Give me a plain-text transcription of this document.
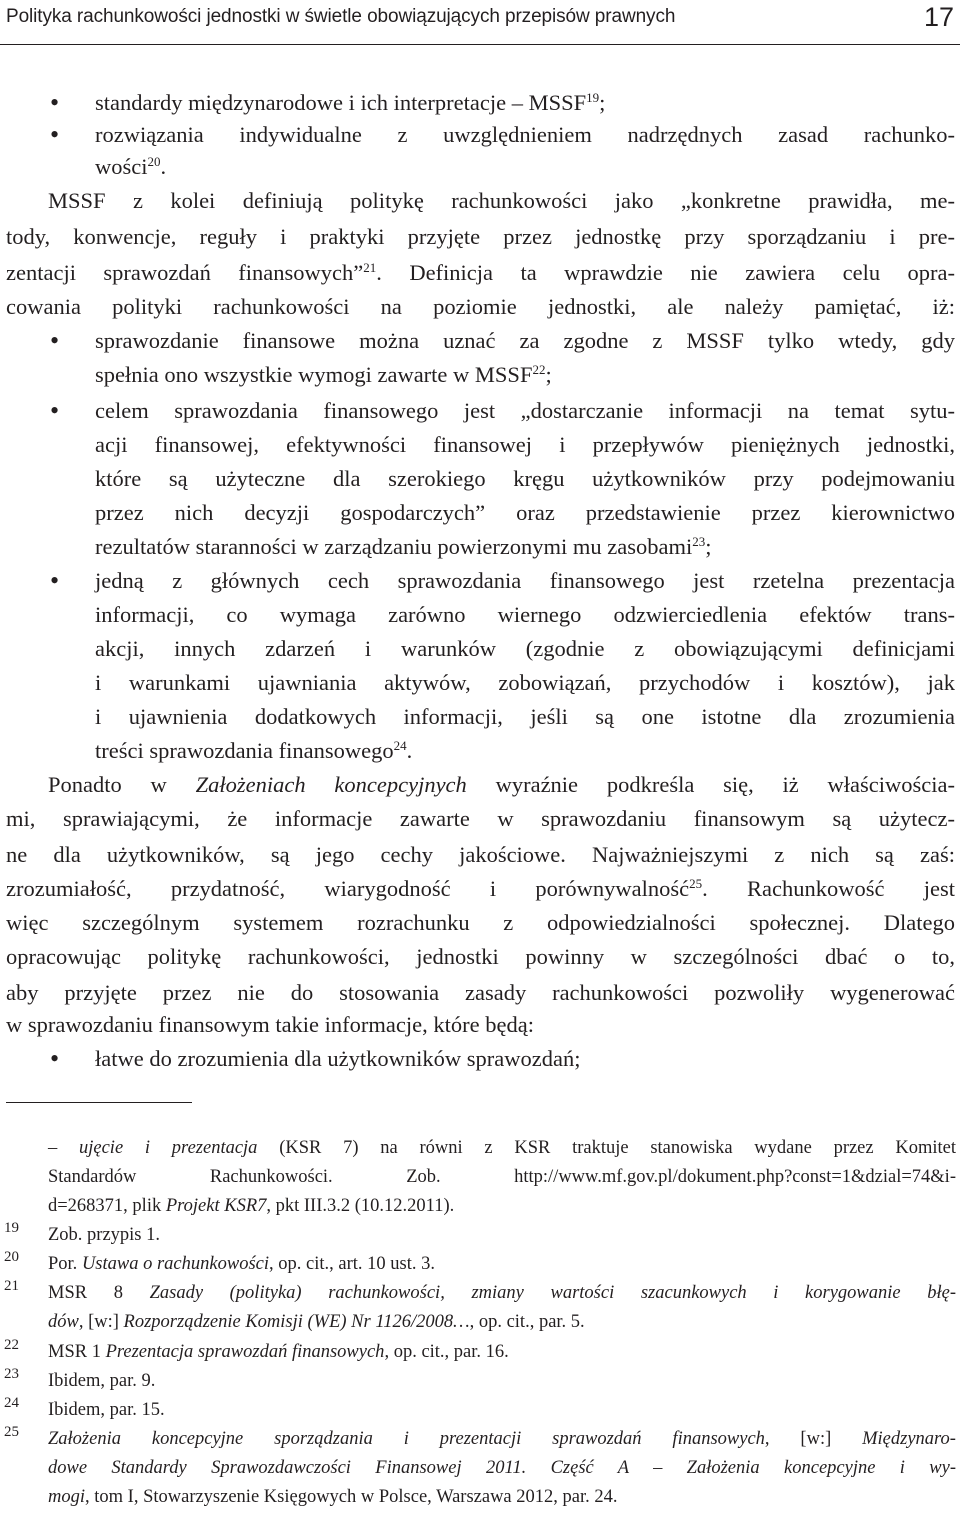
Polityka rachunkowości jednostki w świetle obowiązujących przepisów prawnych	17
• standardy międzynarodowe i ich interpretacje – MSSF$^{19}$;
• rozwiązania indywidualne z uwzględnieniem nadrzędnych zasad rachunko-
wości$^{20}$.
MSSF z kolei definiują politykę rachunkowości jako „konkretne prawidła, me-
tody, konwencje, reguły i praktyki przyjęte przez jednostkę przy sporządzaniu i pre-
zentacji sprawozdań finansowych”$^{21}$. Definicja ta wprawdzie nie zawiera celu opra-
cowania polityki rachunkowości na poziomie jednostki, ale należy pamiętać, iż:
• sprawozdanie finansowe można uznać za zgodne z MSSF tylko wtedy, gdy
spełnia ono wszystkie wymogi zawarte w MSSF$^{22}$;
• celem sprawozdania finansowego jest „dostarczanie informacji na temat sytu-
acji finansowej, efektywności finansowej i przepływów pieniężnych jednostki,
które są użyteczne dla szerokiego kręgu użytkowników przy podejmowaniu
przez nich decyzji gospodarczych” oraz przedstawienie przez kierownictwo
rezultatów staranności w zarządzaniu powierzonymi mu zasobami$^{23}$;
• jedną z głównych cech sprawozdania finansowego jest rzetelna prezentacja
informacji, co wymaga zarówno wiernego odzwierciedlenia efektów trans-
akcji, innych zdarzeń i warunków (zgodnie z obowiązującymi definicjami
i warunkami ujawniania aktywów, zobowiązań, przychodów i kosztów), jak
i ujawnienia dodatkowych informacji, jeśli są one istotne dla zrozumienia
treści sprawozdania finansowego$^{24}$.
Ponadto w Założeniach koncepcyjnych wyraźnie podkreśla się, iż właściwościa-
mi, sprawiającymi, że informacje zawarte w sprawozdaniu finansowym są użytecz-
ne dla użytkowników, są jego cechy jakościowe. Najważniejszymi z nich są zaś:
zrozumiałość, przydatność, wiarygodność i porównywalność$^{25}$. Rachunkowość jest
więc szczególnym systemem rozrachunku z odpowiedzialności społecznej. Dlatego
opracowując politykę rachunkowości, jednostki powinny w szczególności dbać o to,
aby przyjęte przez nie do stosowania zasady rachunkowości pozwoliły wygenerować
w sprawozdaniu finansowym takie informacje, które będą:
• łatwe do zrozumienia dla użytkowników sprawozdań;
– ujęcie i prezentacja (KSR 7) na równi z KSR traktuje stanowiska wydane przez Komitet
Standardów Rachunkowości. Zob. http://www.mf.gov.pl/dokument.php?const=1&dzial=74&i-
d=268371, plik Projekt KSR7, pkt III.3.2 (10.12.2011).
19 Zob. przypis 1.
20 Por. Ustawa o rachunkowości, op. cit., art. 10 ust. 3.
21 MSR 8 Zasady (polityka) rachunkowości, zmiany wartości szacunkowych i korygowanie błę-
dów, [w:] Rozporządzenie Komisji (WE) Nr 1126/2008…, op. cit., par. 5.
22 MSR 1 Prezentacja sprawozdań finansowych, op. cit., par. 16.
23 Ibidem, par. 9.
24 Ibidem, par. 15.
25 Założenia koncepcyjne sporządzania i prezentacji sprawozdań finansowych, [w:] Międzynaro-
dowe Standardy Sprawozdawczości Finansowej 2011. Część A – Założenia koncepcyjne i wy-
mogi, tom I, Stowarzyszenie Księgowych w Polsce, Warszawa 2012, par. 24.
